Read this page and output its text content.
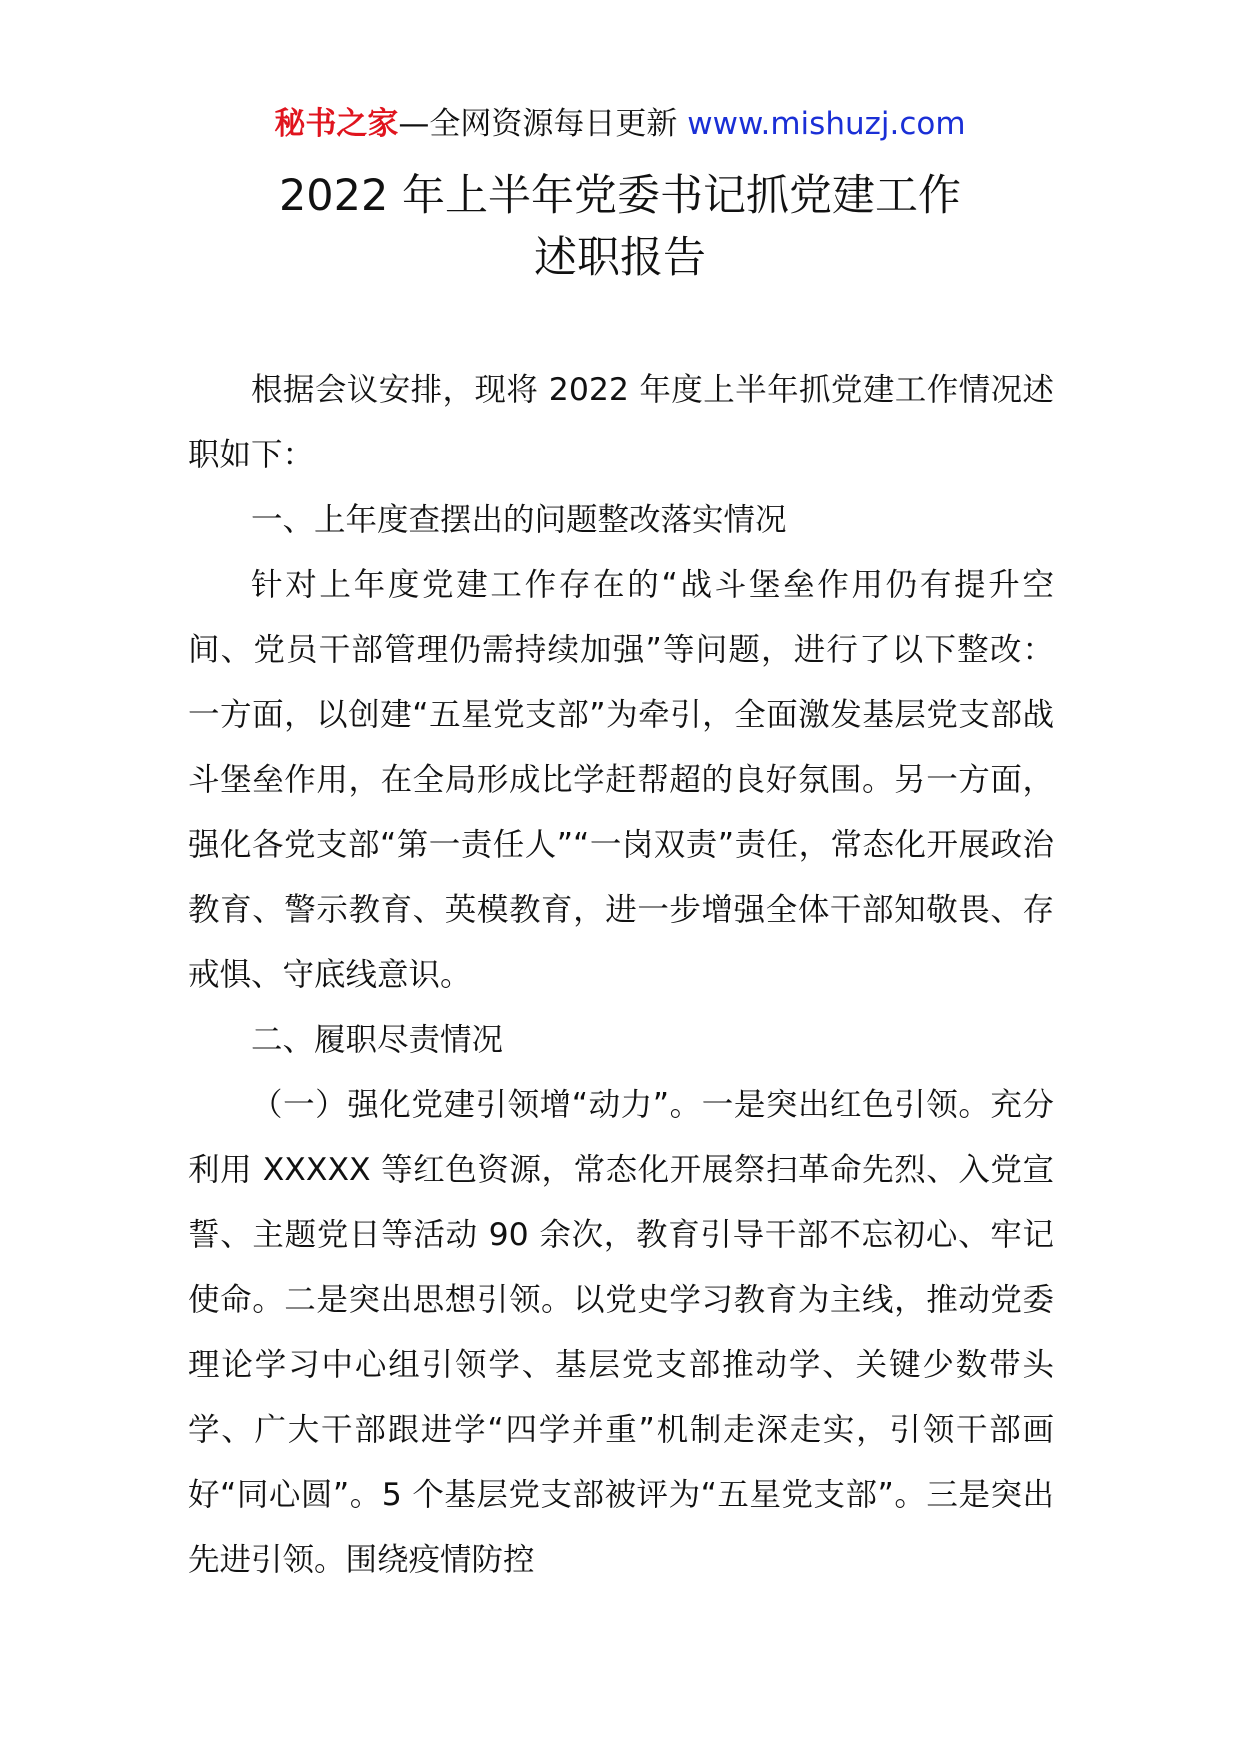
秘书之家—全网资源每日更新 www.mishuzj.com
2022 年上半年党委书记抓党建工作
述职报告

根据会议安排，现将 2022 年度上半年抓党建工作情况述职如下：

一、上年度查摆出的问题整改落实情况

针对上年度党建工作存在的“战斗堡垒作用仍有提升空间、党员干部管理仍需持续加强”等问题，进行了以下整改：一方面，以创建“五星党支部”为牵引，全面激发基层党支部战斗堡垒作用，在全局形成比学赶帮超的良好氛围。另一方面，强化各党支部“第一责任人”“一岗双责”责任，常态化开展政治教育、警示教育、英模教育，进一步增强全体干部知敬畏、存戒惧、守底线意识。

二、履职尽责情况

（一）强化党建引领增“动力”。一是突出红色引领。充分利用 XXXXX 等红色资源，常态化开展祭扫革命先烈、入党宣誓、主题党日等活动 90 余次，教育引导干部不忘初心、牢记使命。二是突出思想引领。以党史学习教育为主线，推动党委理论学习中心组引领学、基层党支部推动学、关键少数带头学、广大干部跟进学“四学并重”机制走深走实，引领干部画好“同心圆”。5 个基层党支部被评为“五星党支部”。三是突出先进引领。围绕疫情防控
